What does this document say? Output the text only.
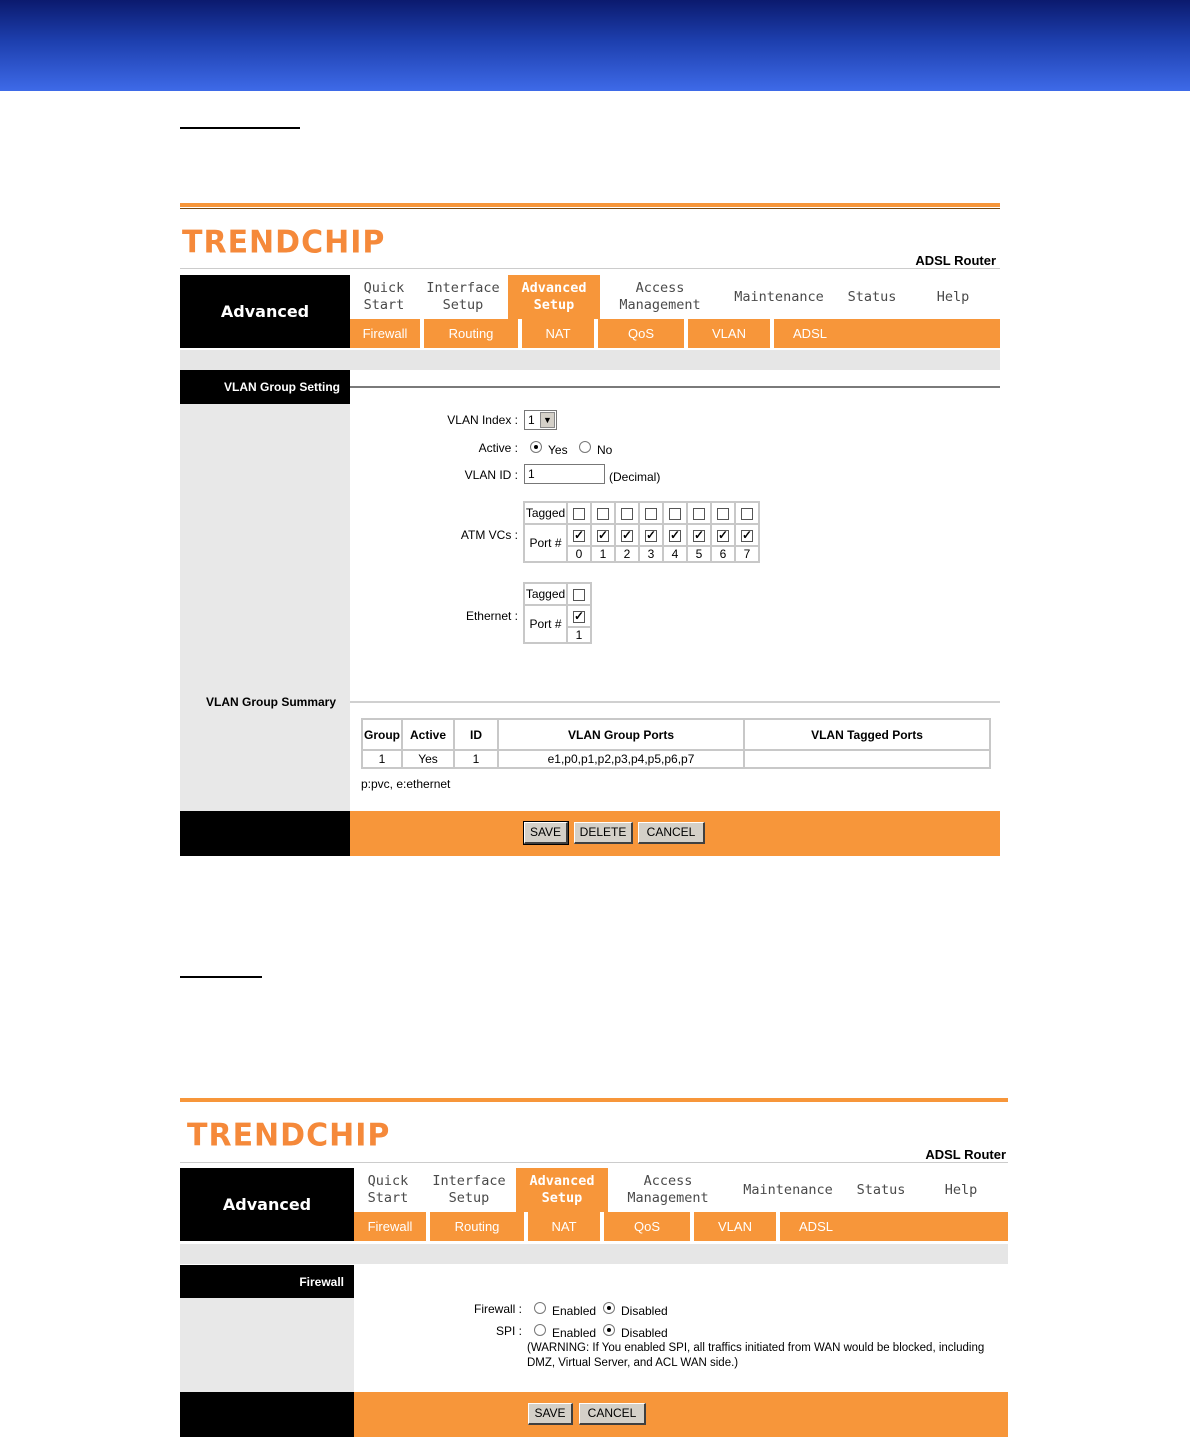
TRENDCHIP	ADSL Router
Advanced
Quick
Start
Interface
Setup
Advanced
Setup
Access
Management
Maintenance Status	Help
Firewall	Routing	NAT	QoS	VLAN	ADSL
VLAN Group Setting
VLAN Index : 1 ▼
Active :	Yes No
VLAN ID : 1	(Decimal)
ATM VCs :
Tagged								
Port #	✓	✓	✓	✓	✓	✓	✓	✓
	0	1	2	3	4	5	6	7
Ethernet :
Tagged	
Port #	✓
	1
VLAN Group Summary
Group	Active	ID	VLAN Group Ports	VLAN Tagged Ports
1	Yes	1	e1,p0,p1,p2,p3,p4,p5,p6,p7	
p:pvc, e:ethernet
SAVE	DELETE	CANCEL
TRENDCHIP
ADSL Router
Advanced
Quick
Start
Interface
Setup
Advanced
Setup
Access
Management
Maintenance Status	Help
Firewall	Routing	NAT	QoS	VLAN	ADSL
Firewall
Firewall :	Enabled Disabled
SPI :	Enabled Disabled
(WARNING: If You enabled SPI, all traffics initiated from WAN would be blocked, including
DMZ, Virtual Server, and ACL WAN side.)
SAVE	CANCEL
